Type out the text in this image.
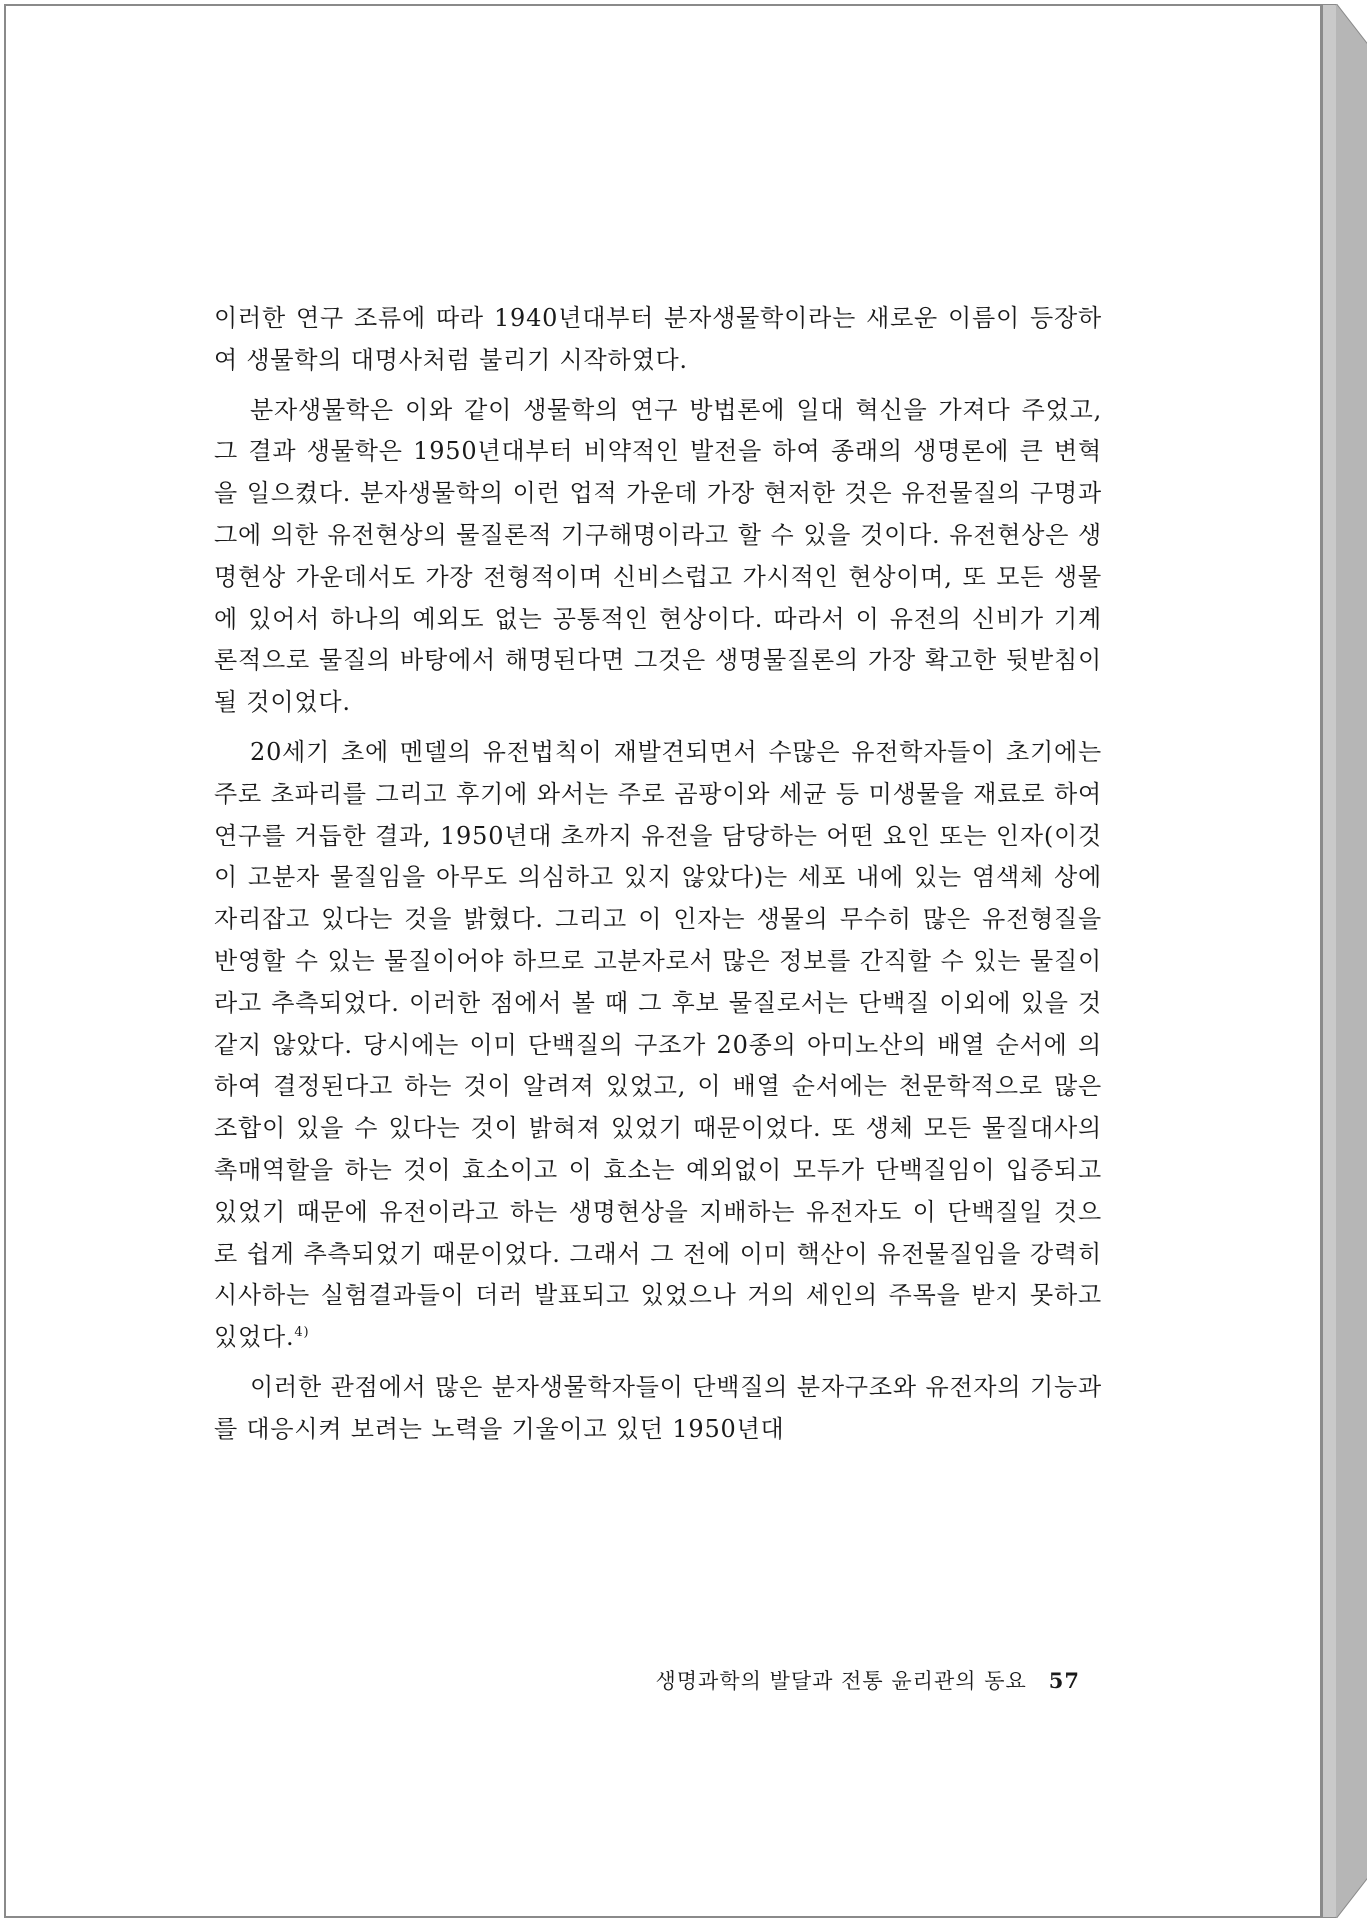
이러한 연구 조류에 따라 1940년대부터 분자생물학이라는 새로운 이름이 등장하여 생물학의 대명사처럼 불리기 시작하였다.

분자생물학은 이와 같이 생물학의 연구 방법론에 일대 혁신을 가져다 주었고, 그 결과 생물학은 1950년대부터 비약적인 발전을 하여 종래의 생명론에 큰 변혁을 일으켰다. 분자생물학의 이런 업적 가운데 가장 현저한 것은 유전물질의 구명과 그에 의한 유전현상의 물질론적 기구해명이라고 할 수 있을 것이다. 유전현상은 생명현상 가운데서도 가장 전형적이며 신비스럽고 가시적인 현상이며, 또 모든 생물에 있어서 하나의 예외도 없는 공통적인 현상이다. 따라서 이 유전의 신비가 기계론적으로 물질의 바탕에서 해명된다면 그것은 생명물질론의 가장 확고한 뒷받침이 될 것이었다.

20세기 초에 멘델의 유전법칙이 재발견되면서 수많은 유전학자들이 초기에는 주로 초파리를 그리고 후기에 와서는 주로 곰팡이와 세균 등 미생물을 재료로 하여 연구를 거듭한 결과, 1950년대 초까지 유전을 담당하는 어떤 요인 또는 인자(이것이 고분자 물질임을 아무도 의심하고 있지 않았다)는 세포 내에 있는 염색체 상에 자리잡고 있다는 것을 밝혔다. 그리고 이 인자는 생물의 무수히 많은 유전형질을 반영할 수 있는 물질이어야 하므로 고분자로서 많은 정보를 간직할 수 있는 물질이라고 추측되었다. 이러한 점에서 볼 때 그 후보 물질로서는 단백질 이외에 있을 것 같지 않았다. 당시에는 이미 단백질의 구조가 20종의 아미노산의 배열 순서에 의하여 결정된다고 하는 것이 알려져 있었고, 이 배열 순서에는 천문학적으로 많은 조합이 있을 수 있다는 것이 밝혀져 있었기 때문이었다. 또 생체 모든 물질대사의 촉매역할을 하는 것이 효소이고 이 효소는 예외없이 모두가 단백질임이 입증되고 있었기 때문에 유전이라고 하는 생명현상을 지배하는 유전자도 이 단백질일 것으로 쉽게 추측되었기 때문이었다. 그래서 그 전에 이미 핵산이 유전물질임을 강력히 시사하는 실험결과들이 더러 발표되고 있었으나 거의 세인의 주목을 받지 못하고 있었다.$^{4)}$

이러한 관점에서 많은 분자생물학자들이 단백질의 분자구조와 유전자의 기능과를 대응시켜 보려는 노력을 기울이고 있던 1950년대

생명과학의 발달과 전통 윤리관의 동요 57
